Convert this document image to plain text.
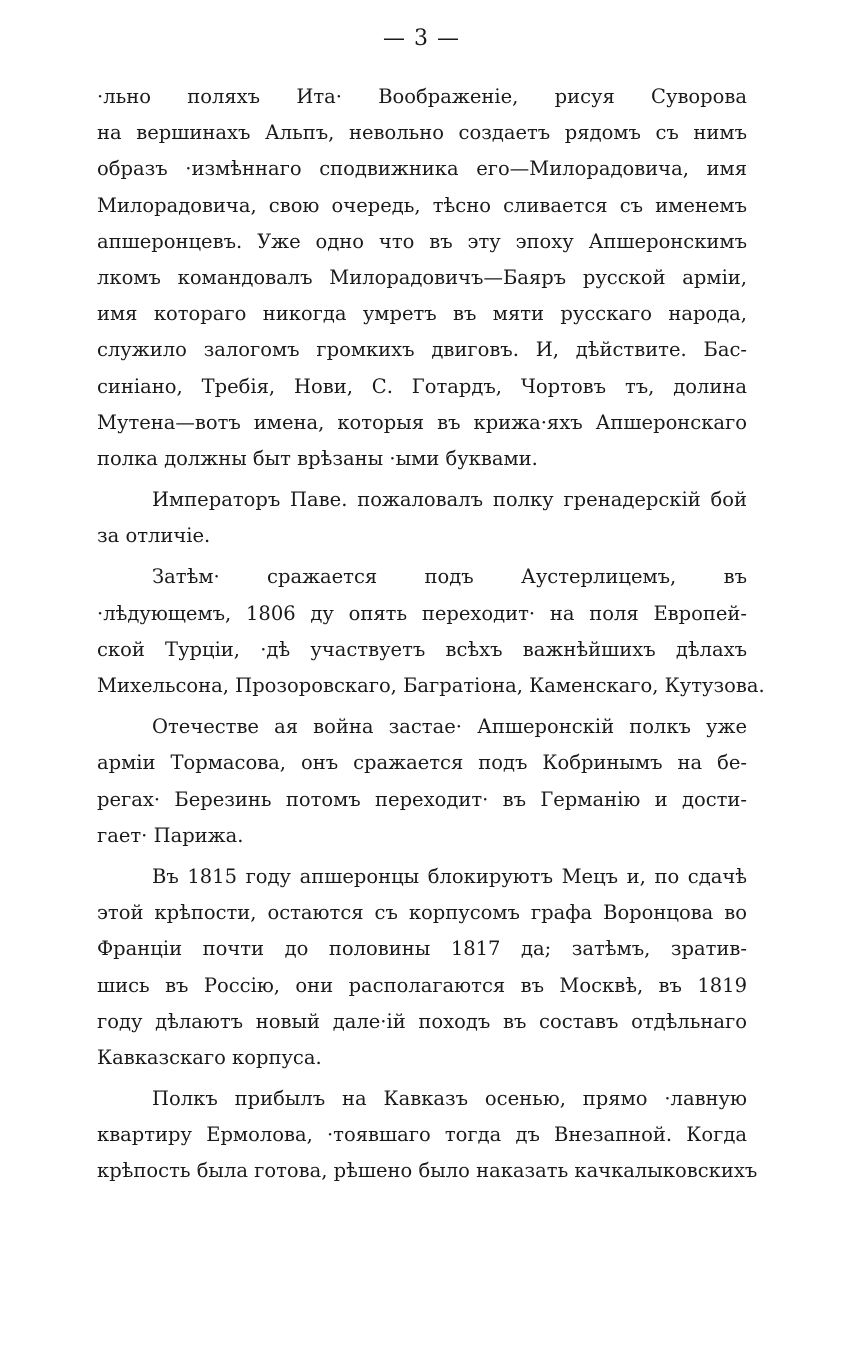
— 3 —
·льно поляхъ Ита· Воображенiе, рисуя Суворова
на вершинахъ Альпъ, невольно создаетъ рядомъ съ нимъ
образъ ·измѣннаго сподвижника его—Милорадовича, имя
Милорадовича, свою очередь, тѣсно сливается съ именемъ
апшеронцевъ. Уже одно что въ эту эпоху Апшеронскимъ
лкомъ командовалъ Милорадовичъ—Баяръ русской армiи,
имя котораго никогда умретъ въ мяти русскаго народа,
служило залогомъ громкихъ двиговъ. И, дѣйствите. Бас-
синiано, Требiя, Нови, С. Готардъ, Чортовъ тъ, долина
Мутена—вотъ имена, которыя въ крижа·яхъ Апшеронскаго
полка должны быт врѣзаны ·ыми буквами.
Императоръ Паве. пожаловалъ полку гренадерскiй бой
за отличiе.
Затѣм· сражается подъ Аустерлицемъ, въ
·лѣдующемъ, 1806 ду опять переходит· на поля Европей-
ской Турцiи, ·дѣ участвуетъ всѣхъ важнѣйшихъ дѣлахъ
Михельсона, Прозоровскаго, Багратiона, Каменскаго, Кутузова.
Отечестве ая война застае· Апшеронскiй полкъ уже
армiи Тормасова, онъ сражается подъ Кобринымъ на бе-
регах· Березинь потомъ переходит· въ Германiю и дости-
гает· Парижа.
Въ 1815 году апшеронцы блокируютъ Мецъ и, по сдачѣ
этой крѣпости, остаются съ корпусомъ графа Воронцова во
Францiи почти до половины 1817 да; затѣмъ, зратив-
шись въ Россiю, они располагаются въ Москвѣ, въ 1819
году дѣлаютъ новый дале·iй походъ въ составъ отдѣльнаго
Кавказскаго корпуса.
Полкъ прибылъ на Кавказъ осенью, прямо ·лавную
квартиру Ермолова, ·тоявшаго тогда дъ Внезапной. Когда
крѣпость была готова, рѣшено было наказать качкалыковскихъ
